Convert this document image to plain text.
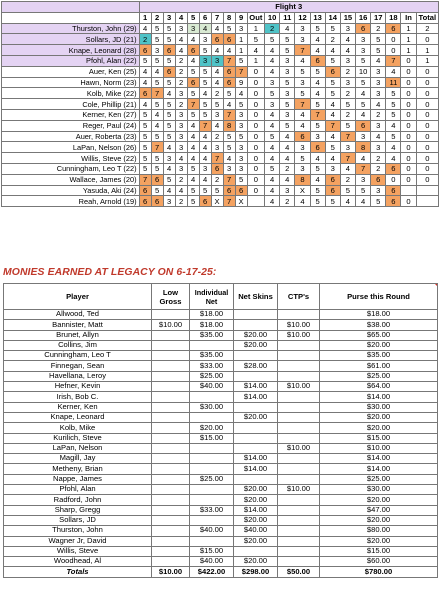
	Flight 3																				
	1	2	3	4	5	6	7	8	9	Out	10	11	12	13	14	15	16	17	18	In	Total
Thurston, John (29)	4	5	5	3	3	4	4	5	3	1	2	4	3	5	5	3	6	2	6	1	2
Sollars, JD (21)	2	5	5	4	4	3	6	6	1	5	5	5	3	4	2	4	3	5	0	1	0
Knape, Leonard (28)	6	3	6	4	6	5	4	4	1	4	4	5	7	4	4	4	3	5	0	1	1
Pfohl, Alan (22)	5	5	5	2	4	3	3	7	5	1	4	3	4	6	5	3	5	4	7	0	1
Auer, Ken (25)	4	4	6	2	5	5	4	6	7	0	4	3	5	5	6	2	10	3	4	0	0
Hawn, Norm (23)	4	5	5	2	6	5	4	6	9	0	3	5	3	4	5	3	5	3	11	0	0
Kolb, Mike (22)	6	7	4	3	5	4	2	5	4	0	5	3	5	4	5	2	4	3	5	0	0
Cole, Phillip (21)	4	5	5	2	7	5	5	4	5	0	3	5	7	5	4	5	5	4	5	0	0
Kerner, Ken (27)	5	4	5	3	5	5	3	7	3	0	4	3	4	7	4	2	4	2	5	0	0
Reger, Paul (24)	5	4	5	3	4	7	4	8	3	0	4	5	4	5	7	5	6	3	4	0	0
Auer, Roberta (23)	5	5	5	3	4	4	2	5	5	0	5	4	6	3	4	7	3	4	5	0	0
LaPan, Nelson (26)	5	7	4	3	4	4	3	5	3	0	4	4	3	6	5	3	8	3	4	0	0
Willis, Steve (22)	5	5	3	4	4	4	7	4	3	0	4	4	5	4	4	7	4	2	4	0	0
Cunningham, Leo T (22)	5	5	4	3	5	3	6	3	3	0	5	2	3	5	3	4	7	2	6	0	0
Wallace, James (20)	7	6	5	2	4	4	2	7	5	0	4	4	8	4	6	2	3	6	0	0	0
Yasuda, Aki (24)	6	5	4	4	5	5	5	6	6	0	4	3	X	5	6	5	5	3	6		
Reah, Arnold (19)	6	6	3	2	5	6	X	7	X		4	2	4	5	5	4	4	5	6	0	
MONIES EARNED AT LEGACY ON 6-17-25:
Player	Low Gross	Individual Net	Net Skins	CTP's	Purse this Round

Allwood, Ted		$18.00			$18.00
Bannister, Matt	$10.00	$18.00		$10.00	$38.00
Brunet, Allyn		$35.00	$20.00	$10.00	$65.00
Collins, Jim			$20.00		$20.00
Cunningham, Leo T		$35.00			$35.00
Finnegan, Sean		$33.00	$28.00		$61.00
Havellana, Leroy		$25.00			$25.00
Hefner, Kevin		$40.00	$14.00	$10.00	$64.00
Irish, Bob C.			$14.00		$14.00
Kerner, Ken		$30.00			$30.00
Knape, Leonard			$20.00		$20.00
Kolb, Mike		$20.00			$20.00
Kurilich, Steve		$15.00			$15.00
LaPan, Nelson				$10.00	$10.00
Magill, Jay			$14.00		$14.00
Metheny, Brian			$14.00		$14.00
Nappe, James		$25.00			$25.00
Pfohl, Alan			$20.00	$10.00	$30.00
Radford, John			$20.00		$20.00
Sharp, Gregg		$33.00	$14.00		$47.00
Sollars, JD			$20.00		$20.00
Thurston, John		$40.00	$40.00		$80.00
Wagner Jr, David			$20.00		$20.00
Willis, Steve		$15.00			$15.00
Woodhead, Al		$40.00	$20.00		$60.00
Totals	$10.00	$422.00	$298.00	$50.00	$780.00
